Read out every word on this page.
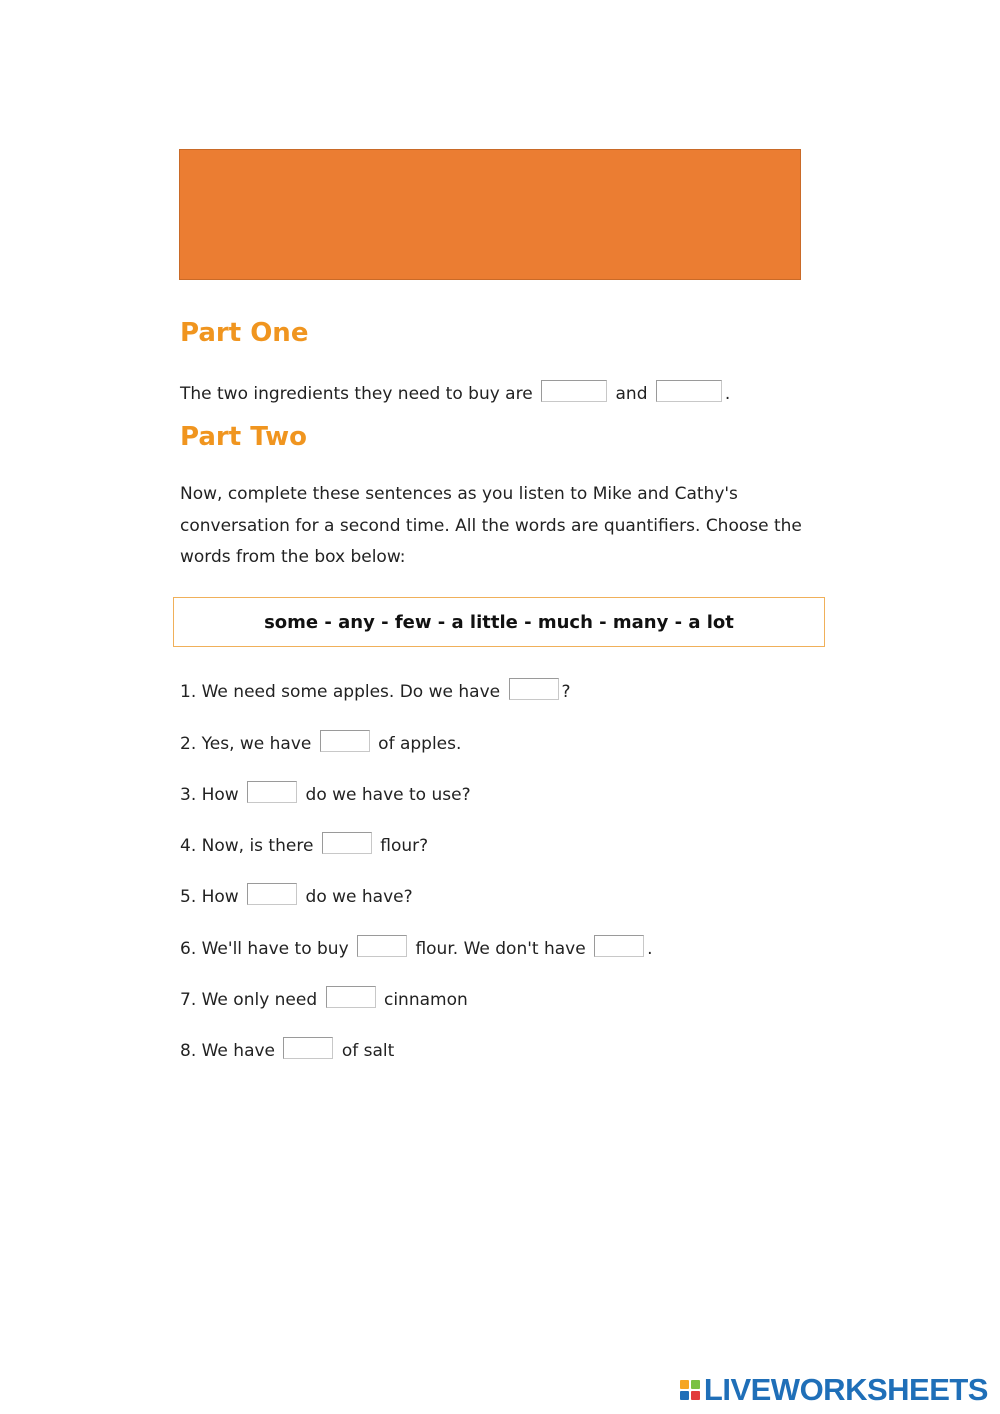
Part One
The two ingredients they need to buy are	and	.
Part Two

Now, complete these sentences as you listen to Mike and Cathy's conversation for a second time. All the words are quantifiers. Choose the words from the box below:

some - any - few - a little - much - many - a lot
1. We need some apples. Do we have	?
2. Yes, we have	of apples.
3. How	do we have to use?
4. Now, is there	flour?
5. How	do we have?
6. We'll have to buy	flour. We don't have	.
7. We only need	cinnamon
8. We have	of salt
LIVEWORKSHEETS
